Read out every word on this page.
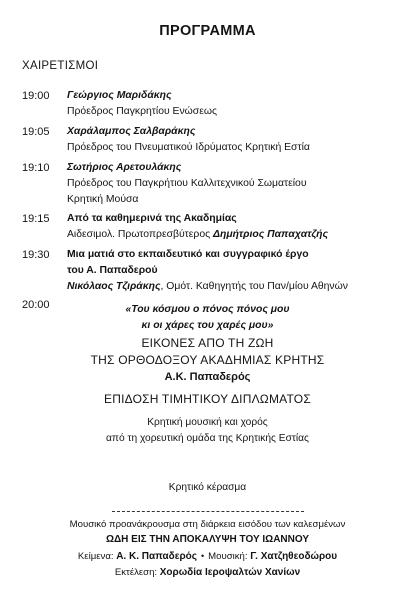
ΠΡΟΓΡΑΜΜΑ
ΧΑΙΡΕΤΙΣΜΟΙ
19:00 Γεώργιος Μαριδάκης
Πρόεδρος Παγκρητίου Ενώσεως
19:05 Χαράλαμπος Σαλβαράκης
Πρόεδρος του Πνευματικού Ιδρύματος Κρητική Εστία
19:10 Σωτήριος Αρετουλάκης
Πρόεδρος του Παγκρήτιου Καλλιτεχνικού Σωματείου
Κρητική Μούσα
19:15 Από τα καθημερινά της Ακαδημίας
Αιδεσιμολ. Πρωτοπρεσβύτερος Δημήτριος Παπαχατζής
19:30 Μια ματιά στο εκπαιδευτικό και συγγραφικό έργο
του Α. Παπαδερού
Νικόλαος Τζιράκης, Ομότ. Καθηγητής του Παν/μίου Αθηνών
20:00	«Του κόσμου ο πόνος πόνος μου
κι οι χάρες του χαρές μου»
ΕΙΚΟΝΕΣ ΑΠΟ ΤΗ ΖΩΗ
ΤΗΣ ΟΡΘΟΔΟΞΟΥ ΑΚΑΔΗΜΙΑΣ ΚΡΗΤΗΣ
Α.Κ. Παπαδερός
ΕΠΙΔΟΣΗ ΤΙΜΗΤΙΚΟΥ ΔΙΠΛΩΜΑΤΟΣ
Κρητική μουσική και χορός
από τη χορευτική ομάδα της Κρητικής Εστίας
Κρητικό κέρασμα
Μουσικό προανάκρουσμα στη διάρκεια εισόδου των καλεσμένων
ΩΔΗ ΕΙΣ ΤΗΝ ΑΠΟΚΑΛΥΨΗ ΤΟΥ ΙΩΑΝΝΟΥ
Κείμενα: Α. Κ. Παπαδερός • Μουσική: Γ. Χατζηθεοδώρου
Εκτέλεση: Χορωδία Ιεροψαλτών Χανίων
